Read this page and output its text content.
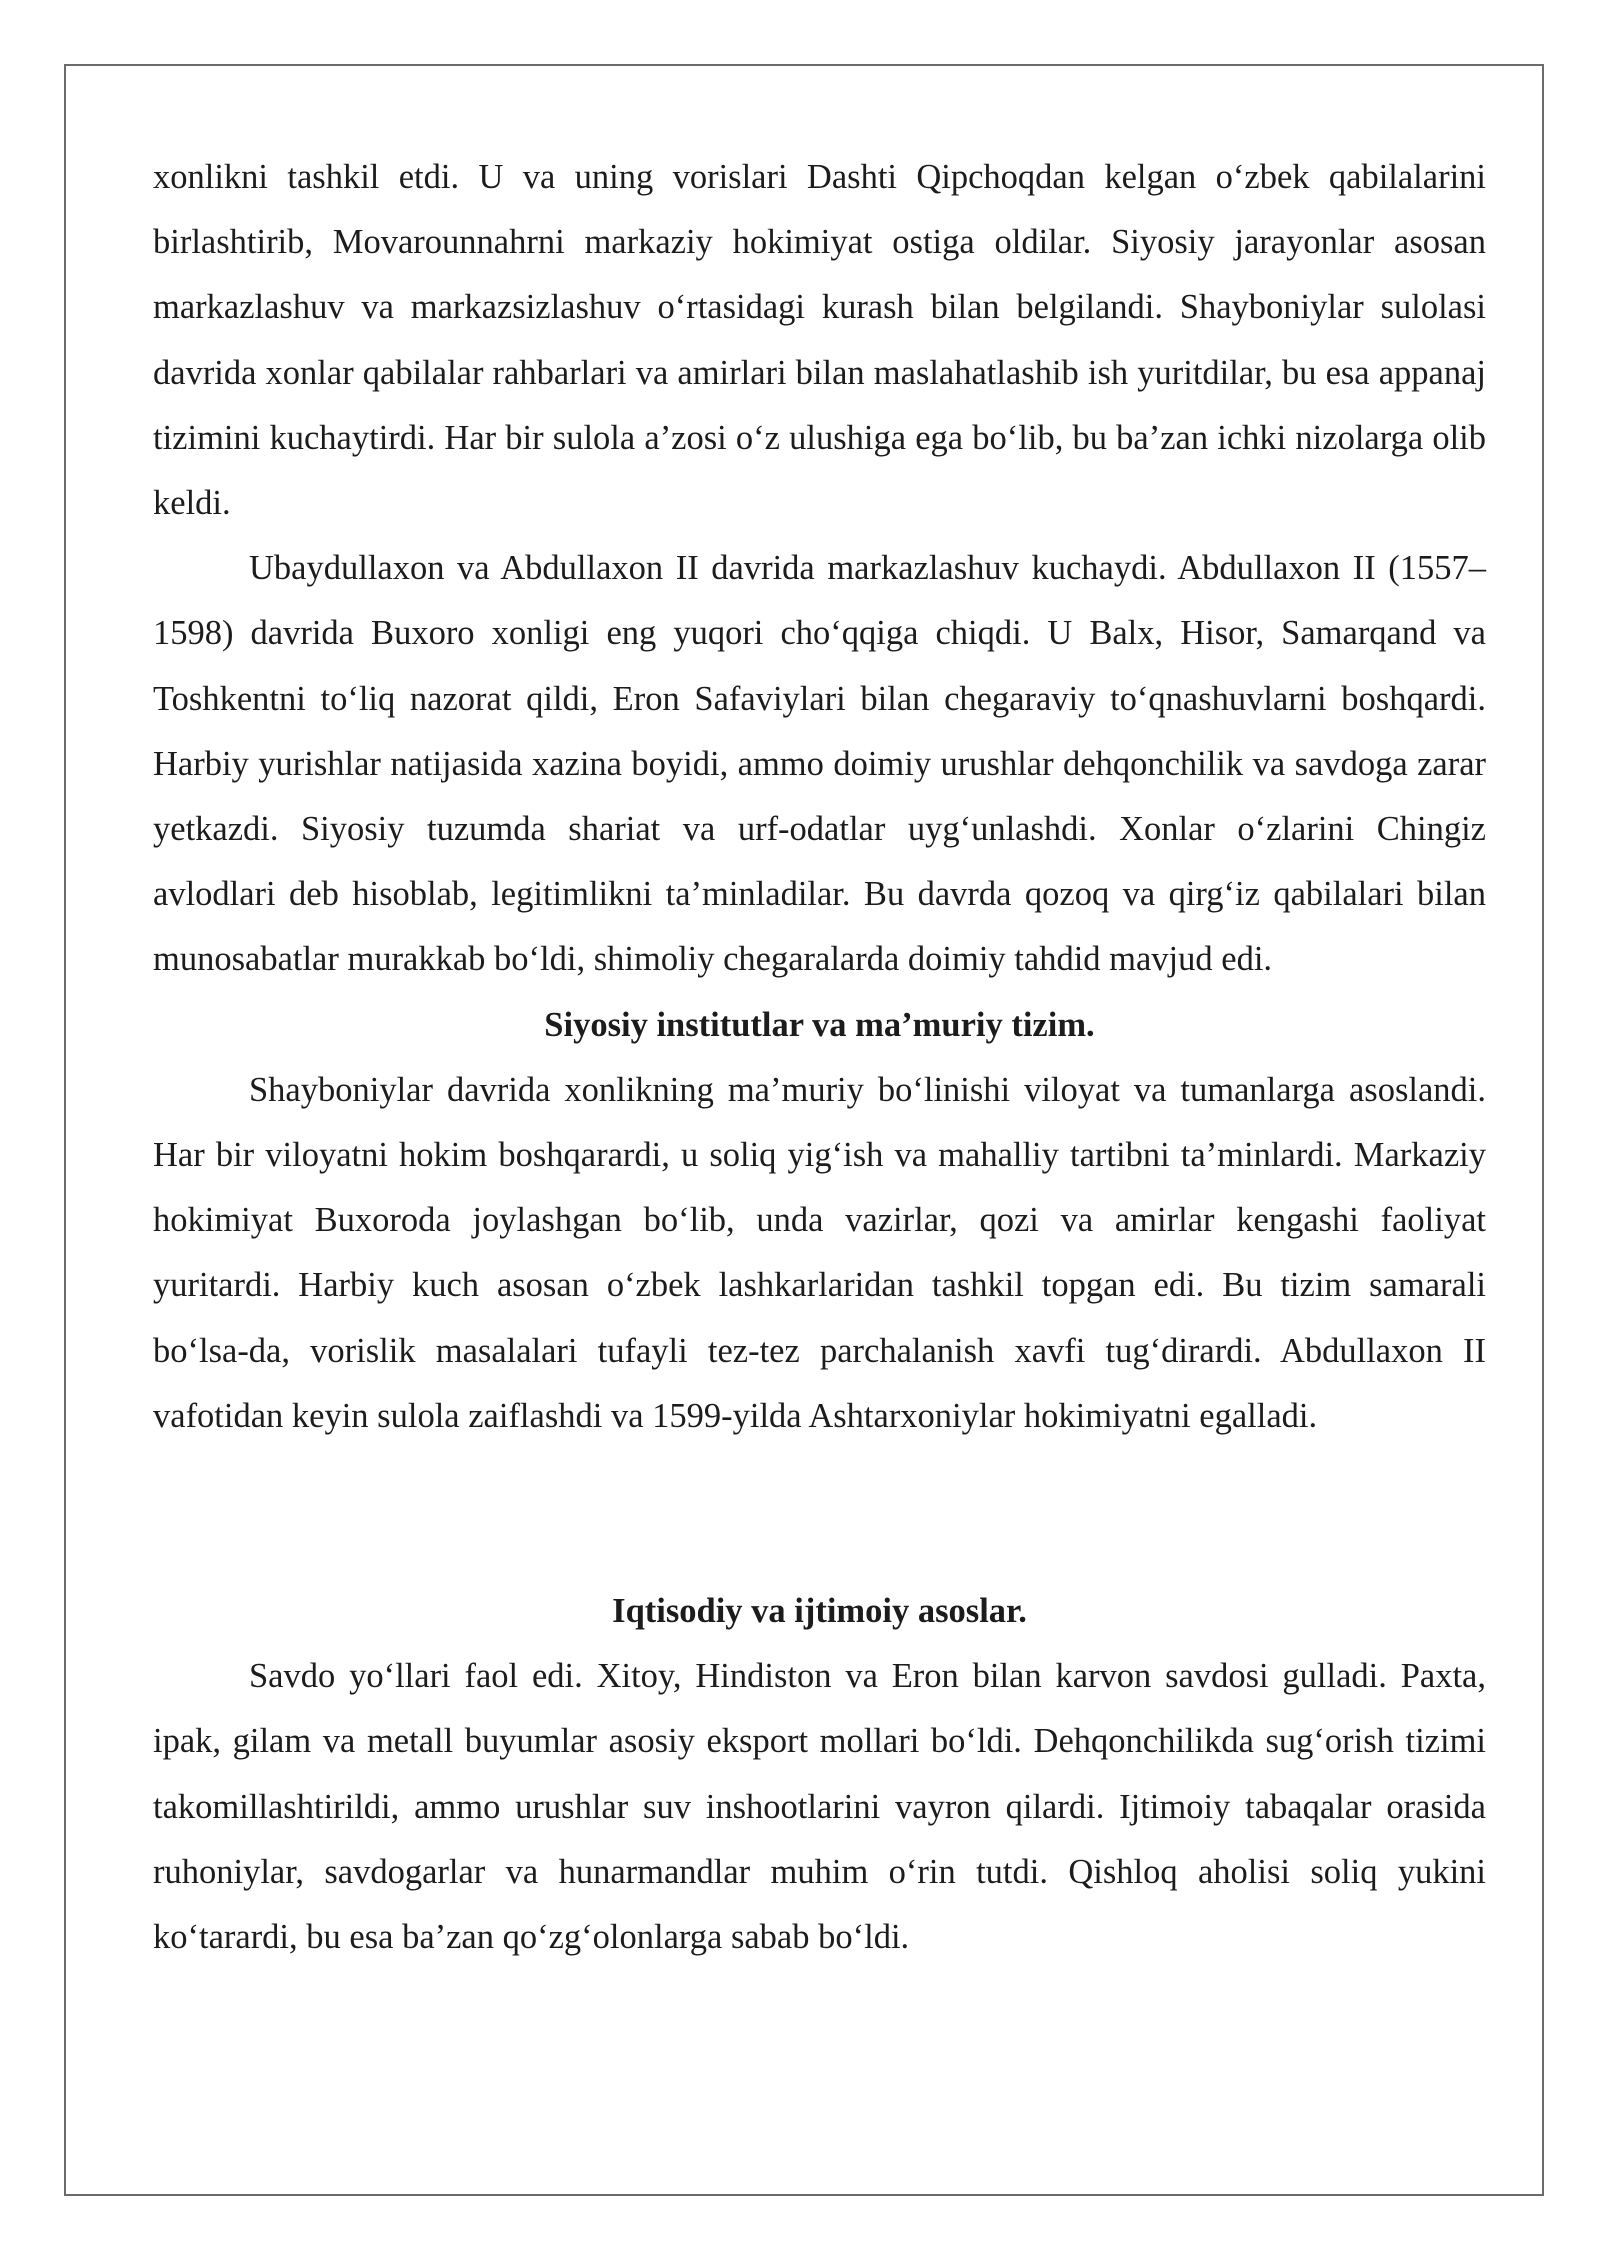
xonlikni tashkil etdi. U va uning vorislari Dashti Qipchoqdan kelgan o‘zbek qabilalarini birlashtirib, Movarounnahrni markaziy hokimiyat ostiga oldilar. Siyosiy jarayonlar asosan markazlashuv va markazsizlashuv o‘rtasidagi kurash bilan belgilandi. Shayboniylar sulolasi davrida xonlar qabilalar rahbarlari va amirlari bilan maslahatlashib ish yuritdilar, bu esa appanaj tizimini kuchaytirdi. Har bir sulola a’zosi o‘z ulushiga ega bo‘lib, bu ba’zan ichki nizolarga olib keldi.

Ubaydullaxon va Abdullaxon II davrida markazlashuv kuchaydi. Abdullaxon II (1557–1598) davrida Buxoro xonligi eng yuqori cho‘qqiga chiqdi. U Balx, Hisor, Samarqand va Toshkentni to‘liq nazorat qildi, Eron Safaviylari bilan chegaraviy to‘qnashuvlarni boshqardi. Harbiy yurishlar natijasida xazina boyidi, ammo doimiy urushlar dehqonchilik va savdoga zarar yetkazdi. Siyosiy tuzumda shariat va urf-odatlar uyg‘unlashdi. Xonlar o‘zlarini Chingiz avlodlari deb hisoblab, legitimlikni ta’minladilar. Bu davrda qozoq va qirg‘iz qabilalari bilan munosabatlar murakkab bo‘ldi, shimoliy chegaralarda doimiy tahdid mavjud edi.

Siyosiy institutlar va ma’muriy tizim.

Shayboniylar davrida xonlikning ma’muriy bo‘linishi viloyat va tumanlarga asoslandi. Har bir viloyatni hokim boshqarardi, u soliq yig‘ish va mahalliy tartibni ta’minlardi. Markaziy hokimiyat Buxoroda joylashgan bo‘lib, unda vazirlar, qozi va amirlar kengashi faoliyat yuritardi. Harbiy kuch asosan o‘zbek lashkarlaridan tashkil topgan edi. Bu tizim samarali bo‘lsa-da, vorislik masalalari tufayli tez-tez parchalanish xavfi tug‘dirardi. Abdullaxon II vafotidan keyin sulola zaiflashdi va 1599-yilda Ashtarxoniylar hokimiyatni egalladi.

Iqtisodiy va ijtimoiy asoslar.

Savdo yo‘llari faol edi. Xitoy, Hindiston va Eron bilan karvon savdosi gulladi. Paxta, ipak, gilam va metall buyumlar asosiy eksport mollari bo‘ldi. Dehqonchilikda sug‘orish tizimi takomillashtirildi, ammo urushlar suv inshootlarini vayron qilardi. Ijtimoiy tabaqalar orasida ruhoniylar, savdogarlar va hunarmandlar muhim o‘rin tutdi. Qishloq aholisi soliq yukini ko‘tarardi, bu esa ba’zan qo‘zg‘olonlarga sabab bo‘ldi.
